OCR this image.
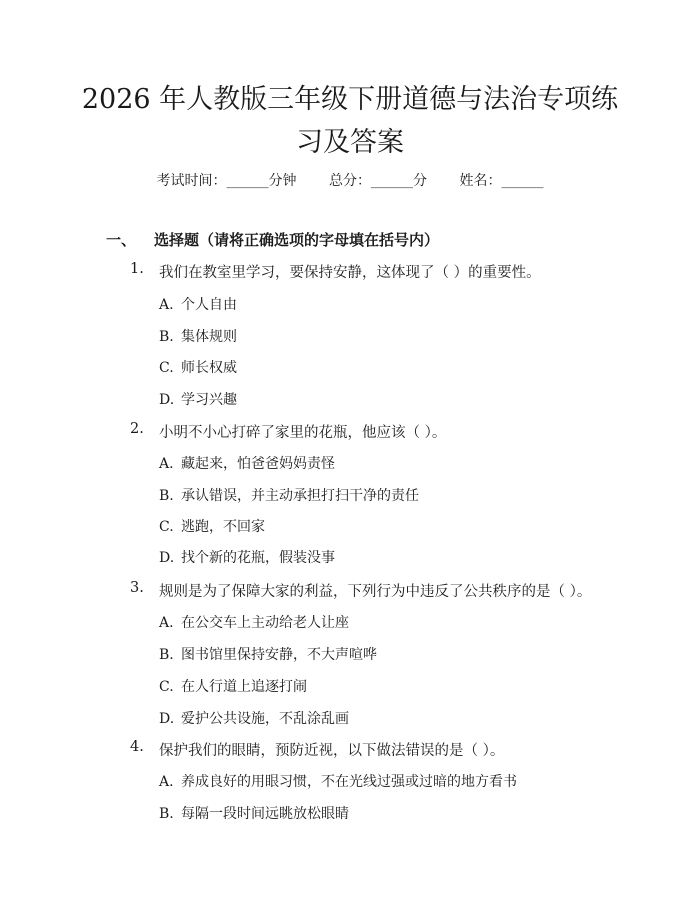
2026 年人教版三年级下册道德与法治专项练
习及答案
考试时间：______分钟 总分：______分 姓名：______
一、 选择题（请将正确选项的字母填在括号内）
1. 我们在教室里学习，要保持安静，这体现了（ ）的重要性。
A. 个人自由
B. 集体规则
C. 师长权威
D. 学习兴趣
2. 小明不小心打碎了家里的花瓶，他应该（ ）。
A. 藏起来，怕爸爸妈妈责怪
B. 承认错误，并主动承担打扫干净的责任
C. 逃跑，不回家
D. 找个新的花瓶，假装没事
3. 规则是为了保障大家的利益，下列行为中违反了公共秩序的是（ ）。
A. 在公交车上主动给老人让座
B. 图书馆里保持安静，不大声喧哗
C. 在人行道上追逐打闹
D. 爱护公共设施，不乱涂乱画
4. 保护我们的眼睛，预防近视，以下做法错误的是（ ）。
A. 养成良好的用眼习惯，不在光线过强或过暗的地方看书
B. 每隔一段时间远眺放松眼睛
